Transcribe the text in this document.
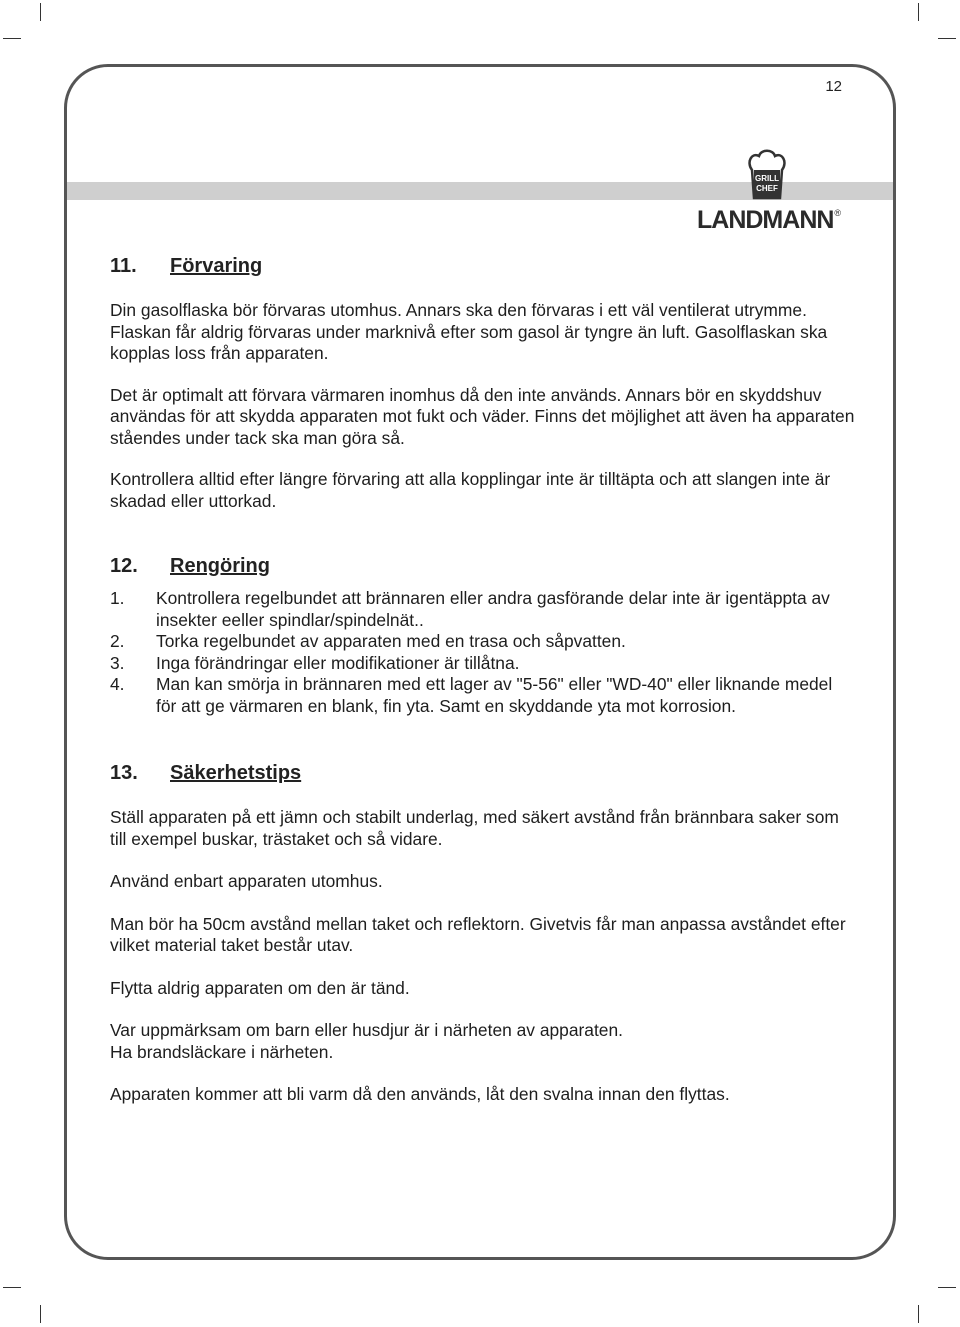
12
GRILL
CHEF
LANDMANN®
11. Förvaring

Din gasolflaska bör förvaras utomhus. Annars ska den förvaras i ett väl ventilerat utrymme. Flaskan får aldrig förvaras under marknivå efter som gasol är tyngre än luft. Gasolflaskan ska kopplas loss från apparaten.

Det är optimalt att förvara värmaren inomhus då den inte används. Annars bör en skyddshuv användas för att skydda apparaten mot fukt och väder. Finns det möjlighet att även ha apparaten ståendes under tack ska man göra så.

Kontrollera alltid efter längre förvaring att alla kopplingar inte är tilltäpta och att slangen inte är skadad eller uttorkad.

12. Rengöring
1. Kontrollera regelbundet att brännaren eller andra gasförande delar inte är igentäppta av insekter eeller spindlar/spindelnät..
2. Torka regelbundet av apparaten med en trasa och såpvatten.
3. Inga förändringar eller modifikationer är tillåtna.
4. Man kan smörja in brännaren med ett lager av "5-56" eller "WD-40" eller liknande medel för att ge värmaren en blank, fin yta. Samt en skyddande yta mot korrosion.
13. Säkerhetstips

Ställ apparaten på ett jämn och stabilt underlag, med säkert avstånd från brännbara saker som till exempel buskar, trästaket och så vidare.

Använd enbart apparaten utomhus.

Man bör ha 50cm avstånd mellan taket och reflektorn. Givetvis får man anpassa avståndet efter vilket material taket består utav.

Flytta aldrig apparaten om den är tänd.

Var uppmärksam om barn eller husdjur är i närheten av apparaten.

Ha brandsläckare i närheten.

Apparaten kommer att bli varm då den används, låt den svalna innan den flyttas.
